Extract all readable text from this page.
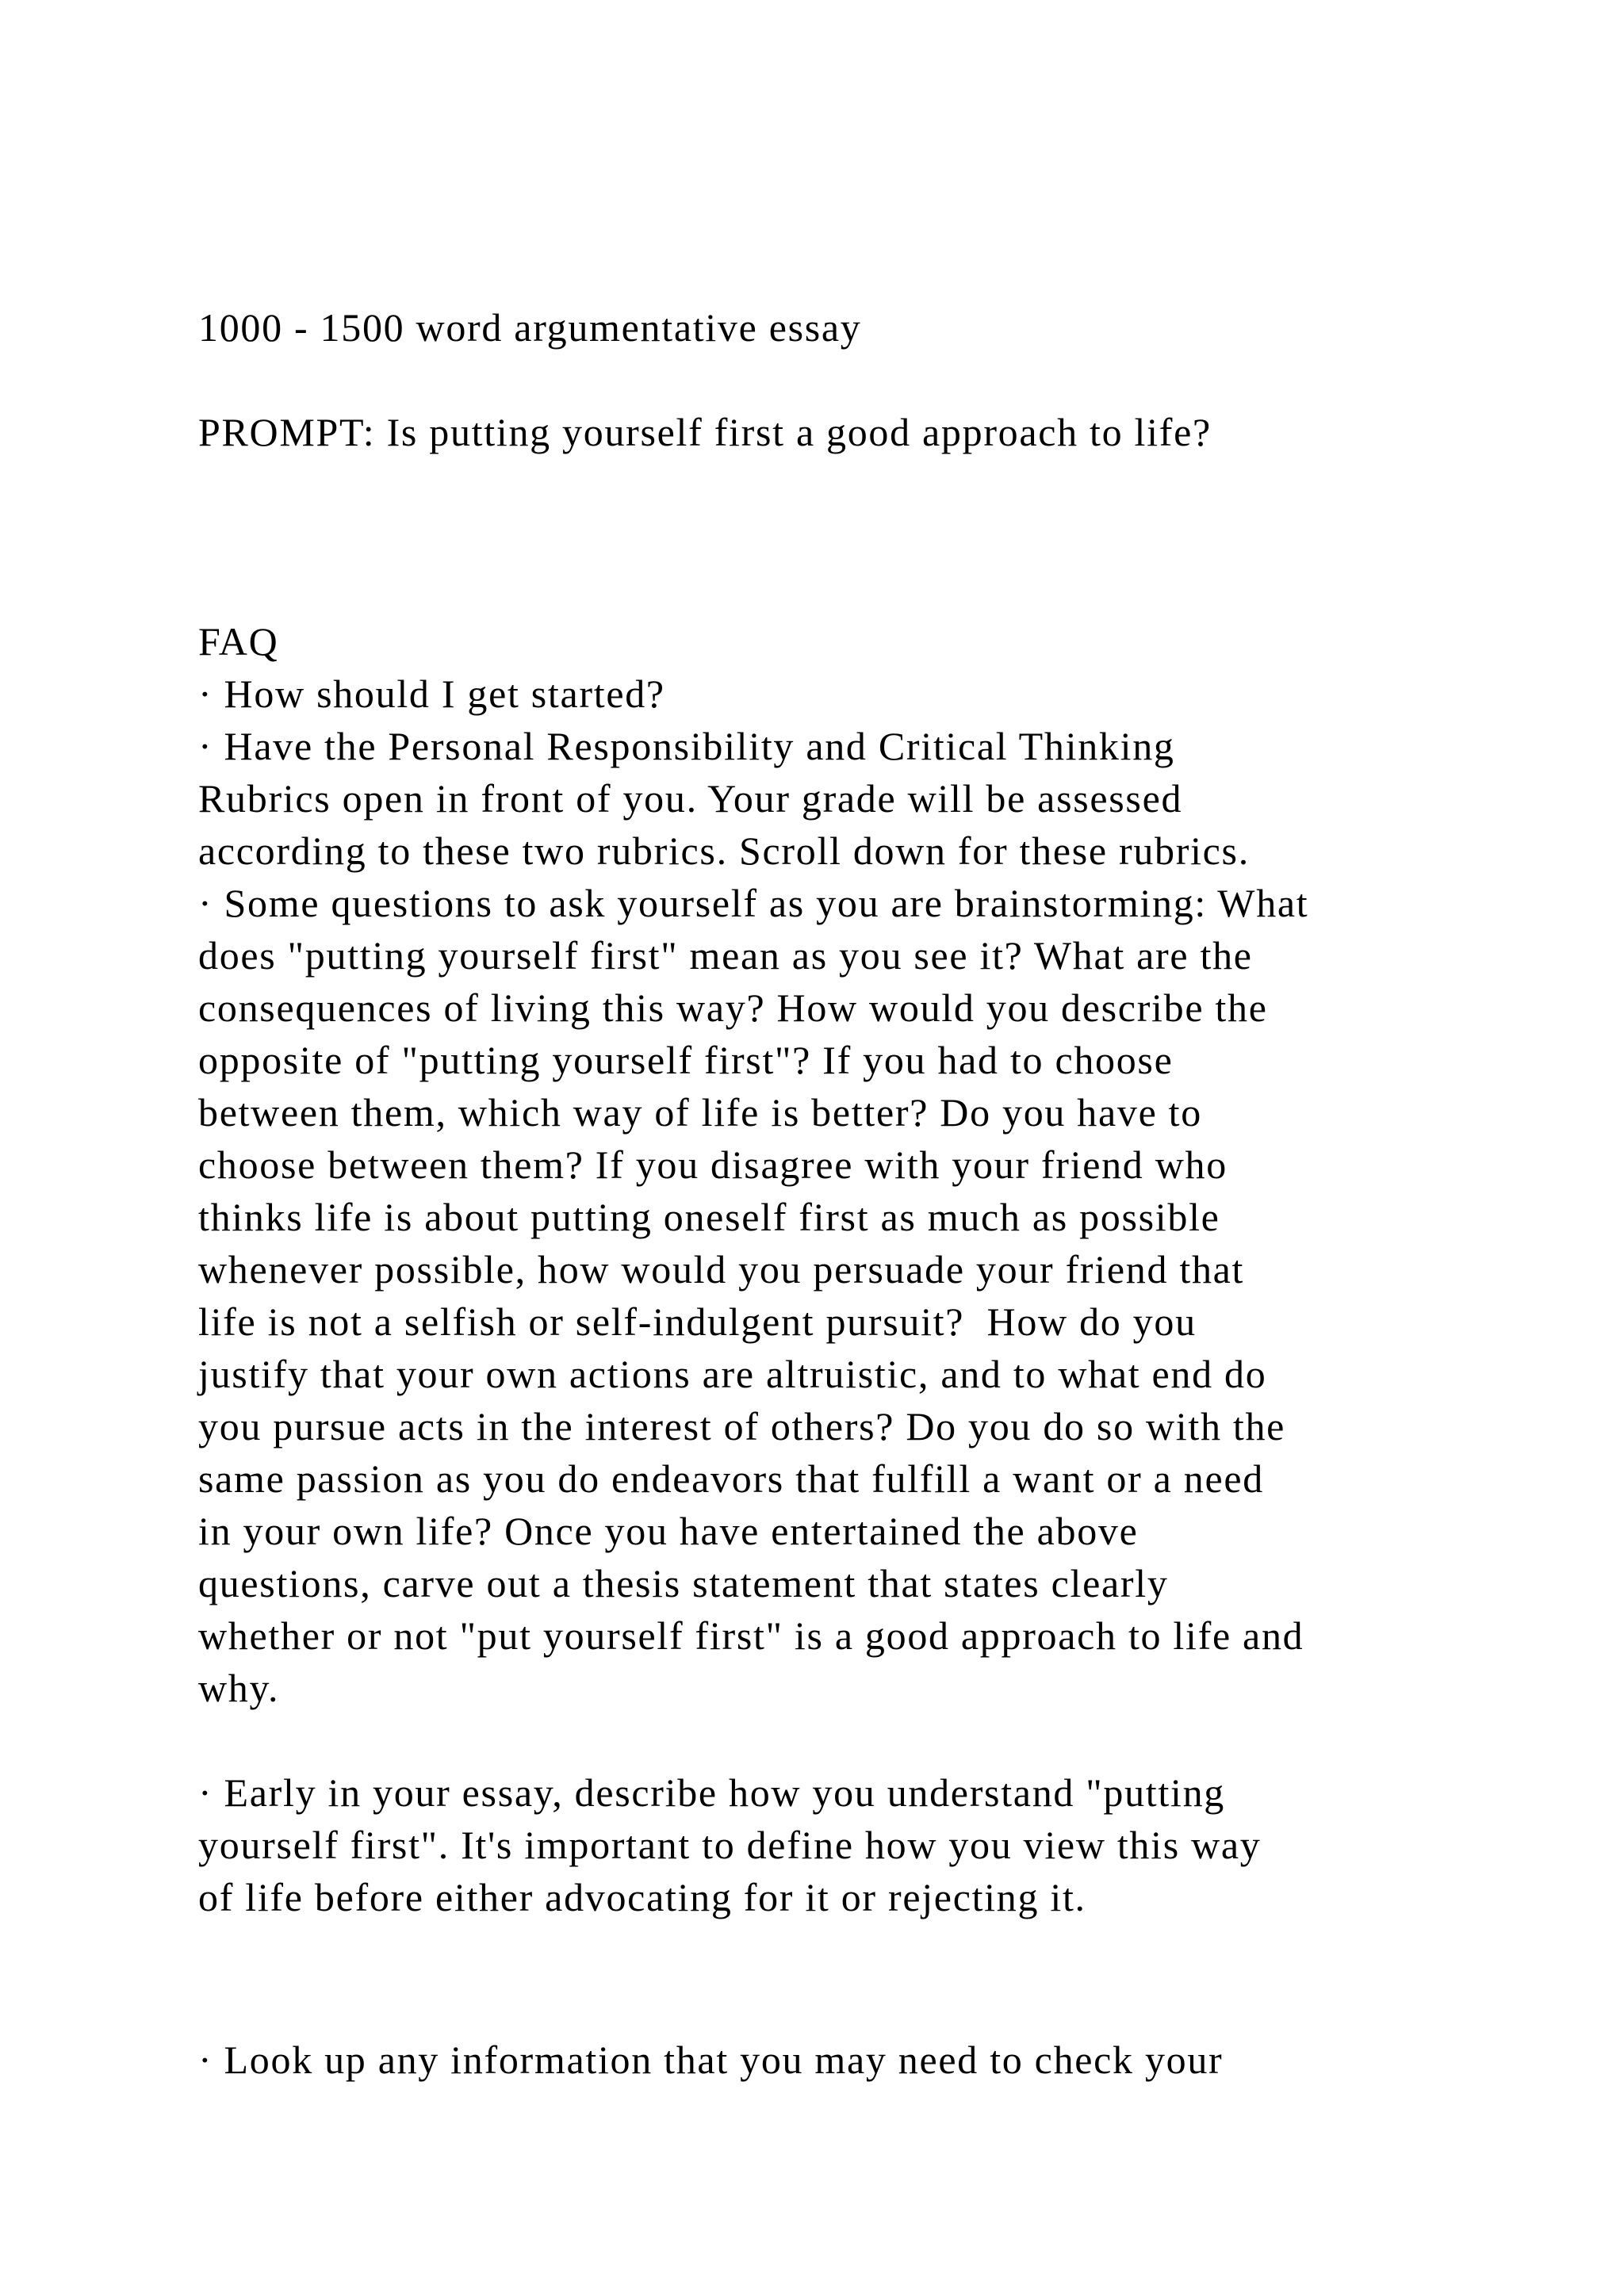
1000 - 1500 word argumentative essay

PROMPT: Is putting yourself first a good approach to life?

FAQ

· How should I get started?

· Have the Personal Responsibility and Critical Thinking

Rubrics open in front of you. Your grade will be assessed

according to these two rubrics. Scroll down for these rubrics.

· Some questions to ask yourself as you are brainstorming: What

does "putting yourself first" mean as you see it? What are the

consequences of living this way? How would you describe the

opposite of "putting yourself first"? If you had to choose

between them, which way of life is better? Do you have to

choose between them? If you disagree with your friend who

thinks life is about putting oneself first as much as possible

whenever possible, how would you persuade your friend that

life is not a selfish or self-indulgent pursuit?  How do you

justify that your own actions are altruistic, and to what end do

you pursue acts in the interest of others? Do you do so with the

same passion as you do endeavors that fulfill a want or a need

in your own life? Once you have entertained the above

questions, carve out a thesis statement that states clearly

whether or not "put yourself first" is a good approach to life and

why.

· Early in your essay, describe how you understand "putting

yourself first". It's important to define how you view this way

of life before either advocating for it or rejecting it.

· Look up any information that you may need to check your
